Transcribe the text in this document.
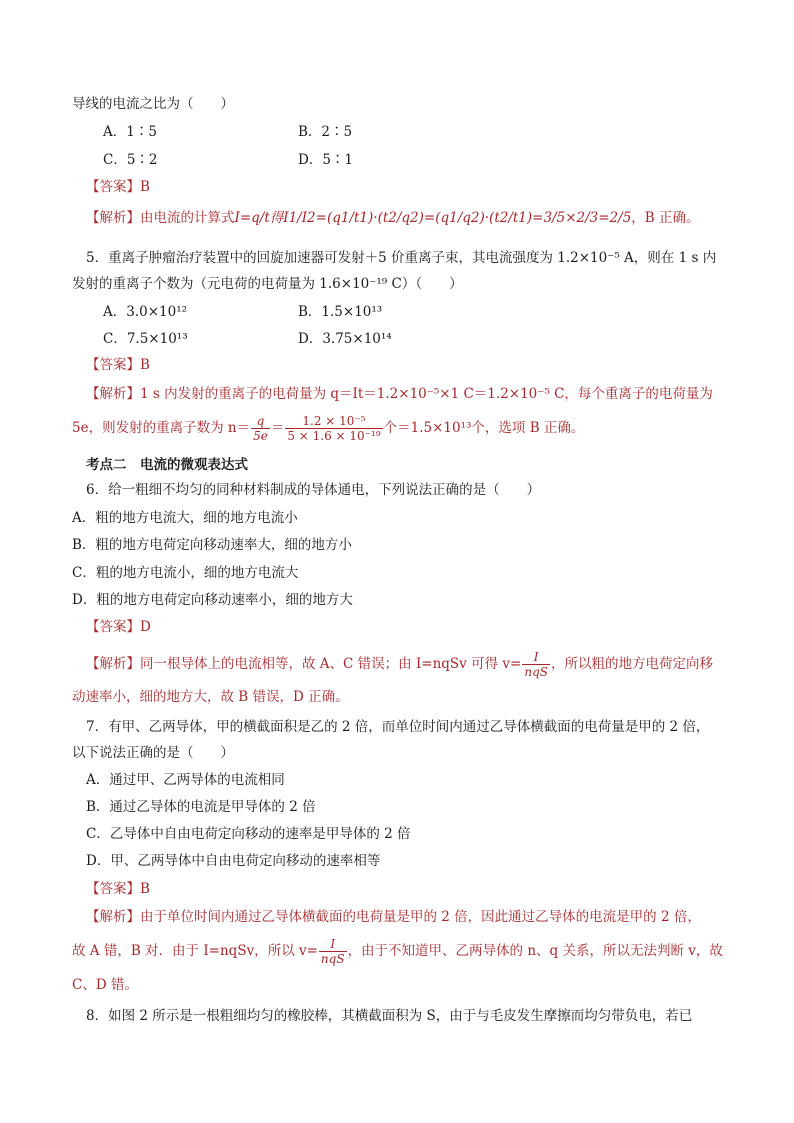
导线的电流之比为（　　）
A．1∶5	B．2∶5
C．5∶2	D．5∶1
【答案】B
【解析】由电流的计算式I=q/t得I1/I2=(q1/t1)·(t2/q2)=(q1/q2)·(t2/t1)=3/5×2/3=2/5，B 正确。
5．重离子肿瘤治疗装置中的回旋加速器可发射＋5 价重离子束，其电流强度为 1.2×10⁻⁵ A，则在 1 s 内
发射的重离子个数为（元电荷的电荷量为 1.6×10⁻¹⁹ C）（　　）
A．3.0×10¹²	B．1.5×10¹³
C．7.5×10¹³	D．3.75×10¹⁴
【答案】B
【解析】1 s 内发射的重离子的电荷量为 q＝It＝1.2×10⁻⁵×1 C＝1.2×10⁻⁵ C，每个重离子的电荷量为
5e，则发射的重离子数为 $n= \frac{q}{5e} = \frac{\text{1.2 × 10⁻⁵}}{\text{5 × 1.6 × 10⁻¹⁹}}$ 个＝1.5×10¹³个，选项 B 正确。
考点二　电流的微观表达式
6．给一粗细不均匀的同种材料制成的导体通电，下列说法正确的是（　　）
A．粗的地方电流大，细的地方电流小
B．粗的地方电荷定向移动速率大，细的地方小
C．粗的地方电流小，细的地方电流大
D．粗的地方电荷定向移动速率小，细的地方大
【答案】D
【解析】同一根导体上的电流相等，故 A、C 错误；由 I=nqSv 可得 $v= \frac{I}{\text{nqS}}$ ，所以粗的地方电荷定向移
动速率小，细的地方大，故 B 错误，D 正确。
7．有甲、乙两导体，甲的横截面积是乙的 2 倍，而单位时间内通过乙导体横截面的电荷量是甲的 2 倍，
以下说法正确的是（　　）
A．通过甲、乙两导体的电流相同
B．通过乙导体的电流是甲导体的 2 倍
C．乙导体中自由电荷定向移动的速率是甲导体的 2 倍
D．甲、乙两导体中自由电荷定向移动的速率相等
【答案】B
【解析】由于单位时间内通过乙导体横截面的电荷量是甲的 2 倍，因此通过乙导体的电流是甲的 2 倍，
故 A 错，B 对．由于 I=nqSv，所以 $v= \frac{I}{\text{nqS}}$ ，由于不知道甲、乙两导体的 n、q 关系，所以无法判断 v，故
C、D 错。
8．如图 2 所示是一根粗细均匀的橡胶棒，其横截面积为 S，由于与毛皮发生摩擦而均匀带负电，若已
